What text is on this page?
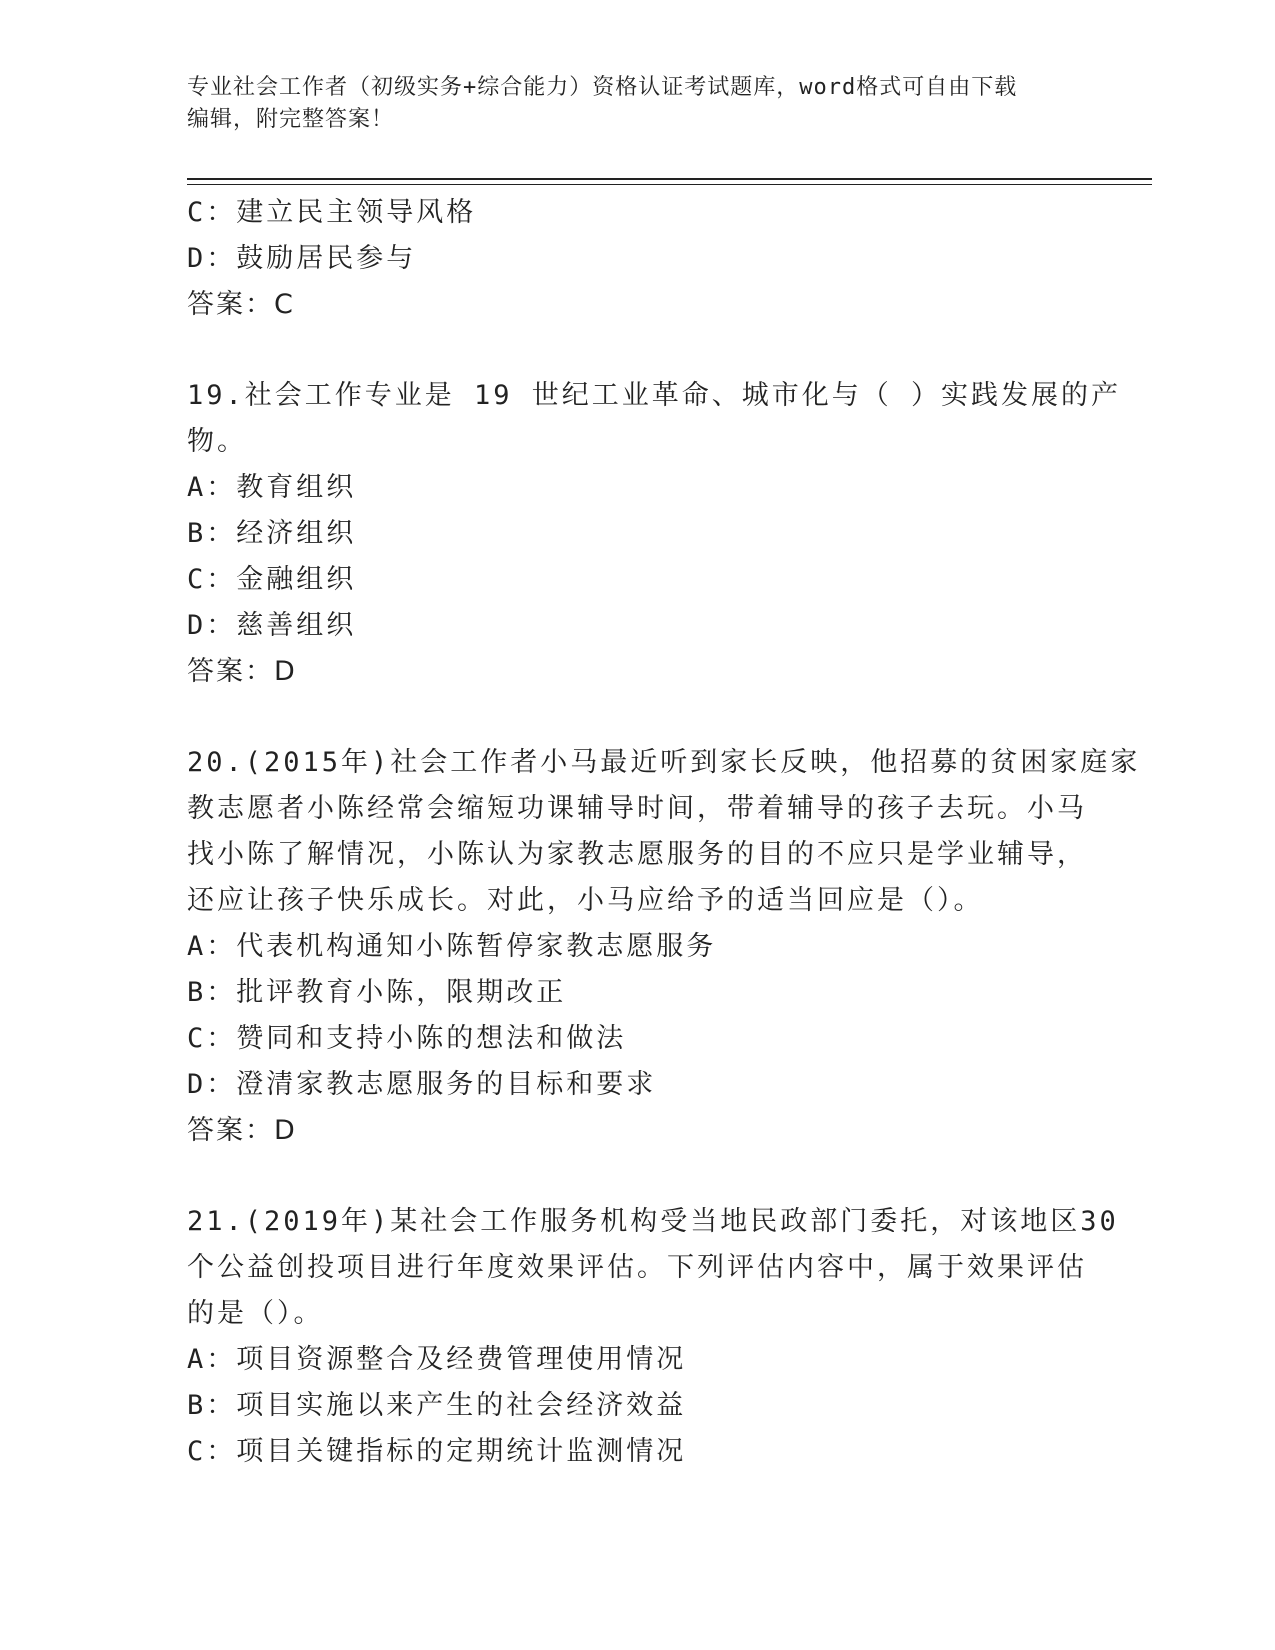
专业社会工作者（初级实务+综合能力）资格认证考试题库，word格式可自由下载
编辑，附完整答案！
C：建立民主领导风格
D：鼓励居民参与
答案：C
19.社会工作专业是 19 世纪工业革命、城市化与（ ）实践发展的产
物。
A：教育组织
B：经济组织
C：金融组织
D：慈善组织
答案：D
20.(2015年)社会工作者小马最近听到家长反映，他招募的贫困家庭家
教志愿者小陈经常会缩短功课辅导时间，带着辅导的孩子去玩。小马
找小陈了解情况，小陈认为家教志愿服务的目的不应只是学业辅导，
还应让孩子快乐成长。对此，小马应给予的适当回应是（）。
A：代表机构通知小陈暂停家教志愿服务
B：批评教育小陈，限期改正
C：赞同和支持小陈的想法和做法
D：澄清家教志愿服务的目标和要求
答案：D
21.(2019年)某社会工作服务机构受当地民政部门委托，对该地区30
个公益创投项目进行年度效果评估。下列评估内容中，属于效果评估
的是（）。
A：项目资源整合及经费管理使用情况
B：项目实施以来产生的社会经济效益
C：项目关键指标的定期统计监测情况
